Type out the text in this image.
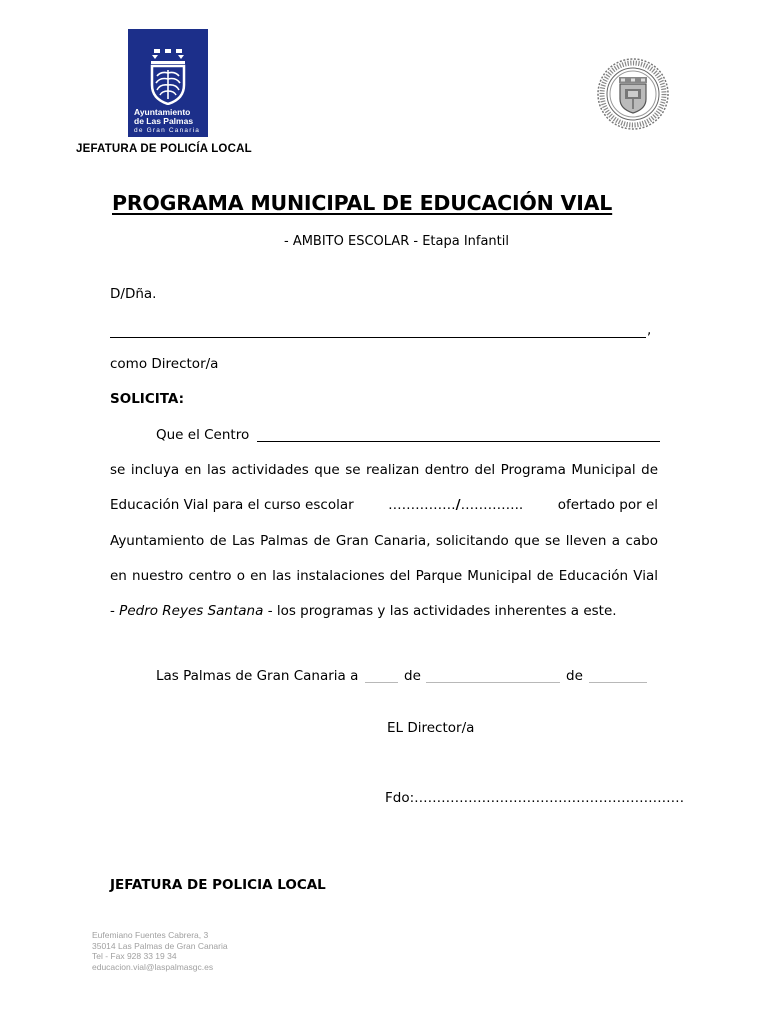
Ayuntamiento
de Las Palmas
de Gran Canaria
JEFATURA DE POLICÍA LOCAL
PROGRAMA MUNICIPAL DE EDUCACIÓN VIAL
- AMBITO ESCOLAR - Etapa Infantil
D/Dña.
,
como Director/a
SOLICITA:
Que el Centro
se incluya en las actividades que se realizan dentro del Programa Municipal de
Educación Vial para el curso escolar	……………/…………..	ofertado por el
Ayuntamiento de Las Palmas de Gran Canaria, solicitando que se lleven a cabo
en nuestro centro o en las instalaciones del Parque Municipal de Educación Vial
- Pedro Reyes Santana - los programas y las actividades inherentes a este.
Las Palmas de Gran Canaria a	de	de
EL Director/a
Fdo:……………………………………………………
JEFATURA DE POLICIA LOCAL
Eufemiano Fuentes Cabrera, 3
35014 Las Palmas de Gran Canaria
Tel - Fax 928 33 19 34
educacion.vial@laspalmasgc.es
